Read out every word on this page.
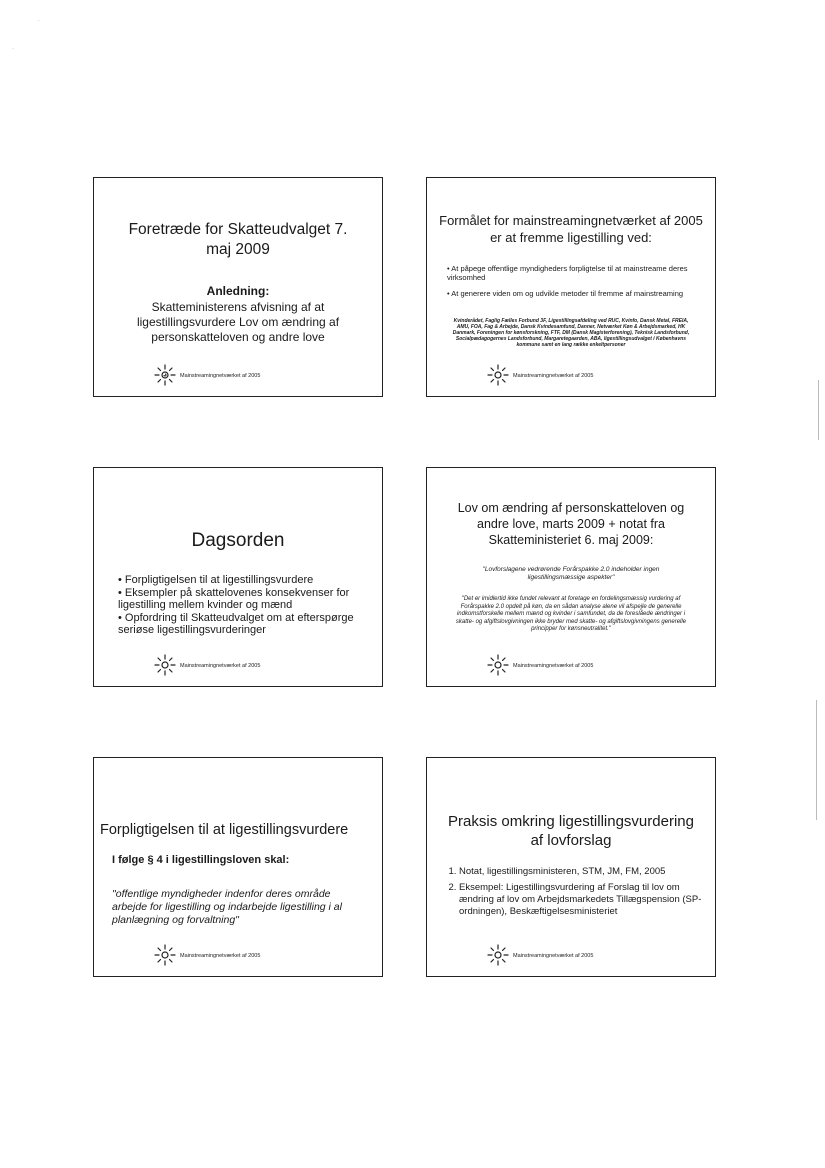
·
·
Foretræde for Skatteudvalget 7. maj 2009
Anledning:
Skatteministerens afvisning af at ligestillingsvurdere Lov om ændring af personskatteloven og andre love
Mainstreamingnetværket af 2005
Formålet for mainstreamingnetværket af 2005 er at fremme ligestilling ved:
• At påpege offentlige myndigheders forpligtelse til at mainstreame deres virksomhed
• At generere viden om og udvikle metoder til fremme af mainstreaming
Kvinderådet, Faglig Fælles Forbund 3F, Ligestillingsafdeling ved RUC, Kvinfo, Dansk Metal, FREIA, AMU, FOA, Fag & Arbejde, Dansk Kvindesamfund, Danner, Netværket Køn & Arbejdsmarked, HK Danmark, Foreningen for kønsforskning, FTF, DM (Dansk Magisterforening), Teknisk Landsforbund, Socialpædagogernes Landsforbund, Margaretegaarden, ABA, ligestillingsudvalget i Københavns kommune samt en lang række enkeltpersoner
Mainstreamingnetværket af 2005
Dagsorden
• Forpligtigelsen til at ligestillingsvurdere
• Eksempler på skattelovenes konsekvenser for ligestilling mellem kvinder og mænd
• Opfordring til Skatteudvalget om at efterspørge seriøse ligestillingsvurderinger
Mainstreamingnetværket af 2005
Lov om ændring af personskatteloven og andre love, marts 2009 + notat fra Skatteministeriet 6. maj 2009:
"Lovforslagene vedrørende Forårspakke 2.0 indeholder ingen ligestillingsmæssige aspekter"
"Det er imidlertid ikke fundet relevant at foretage en fordelingsmæssig vurdering af Forårspakke 2.0 opdelt på køn, da en sådan analyse alene vil afspejle de generelle indkomstforskelle mellem mænd og kvinder i samfundet, da de foreslåede ændringer i skatte- og afgiftslovgivningen ikke bryder med skatte- og afgiftslovgivningens generelle principper for kønsneutralitet."
Mainstreamingnetværket af 2005
Forpligtigelsen til at ligestillingsvurdere
I følge § 4 i ligestillingsloven skal:
"offentlige myndigheder indenfor deres område arbejde for ligestilling og indarbejde ligestilling i al planlægning og forvaltning"
Mainstreamingnetværket af 2005
Praksis omkring ligestillingsvurdering af lovforslag
1. Notat, ligestillingsministeren, STM, JM, FM, 2005
2. Eksempel: Ligestillingsvurdering af Forslag til lov om ændring af lov om Arbejdsmarkedets Tillægspension (SP-ordningen), Beskæftigelsesministeriet
Mainstreamingnetværket af 2005
